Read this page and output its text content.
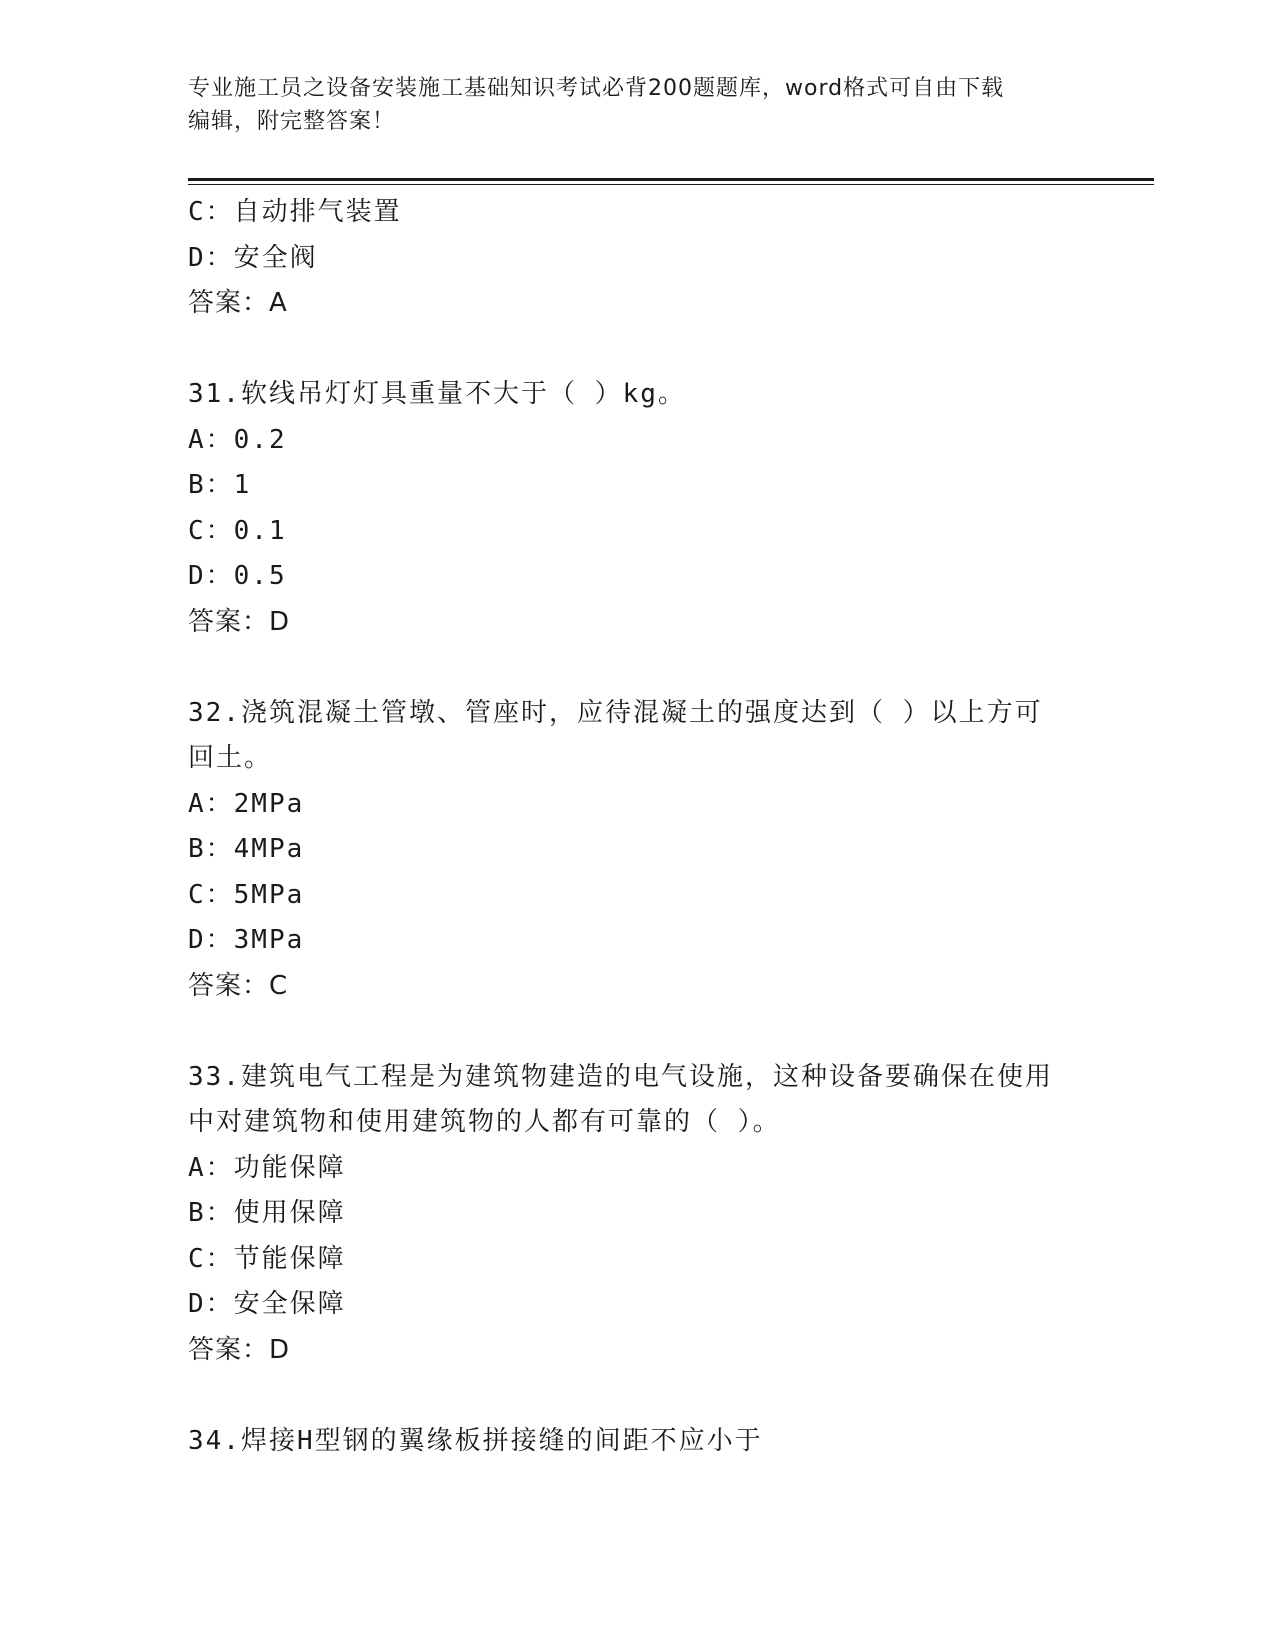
专业施工员之设备安装施工基础知识考试必背200题题库，word格式可自由下载
编辑，附完整答案！
C：自动排气装置
D：安全阀
答案：A
31.软线吊灯灯具重量不大于（ ）kg。
A：0.2
B：1
C：0.1
D：0.5
答案：D
32.浇筑混凝土管墩、管座时，应待混凝土的强度达到（ ）以上方可
回土。
A：2MPa
B：4MPa
C：5MPa
D：3MPa
答案：C
33.建筑电气工程是为建筑物建造的电气设施，这种设备要确保在使用
中对建筑物和使用建筑物的人都有可靠的（ ）。
A：功能保障
B：使用保障
C：节能保障
D：安全保障
答案：D
34.焊接H型钢的翼缘板拼接缝的间距不应小于
